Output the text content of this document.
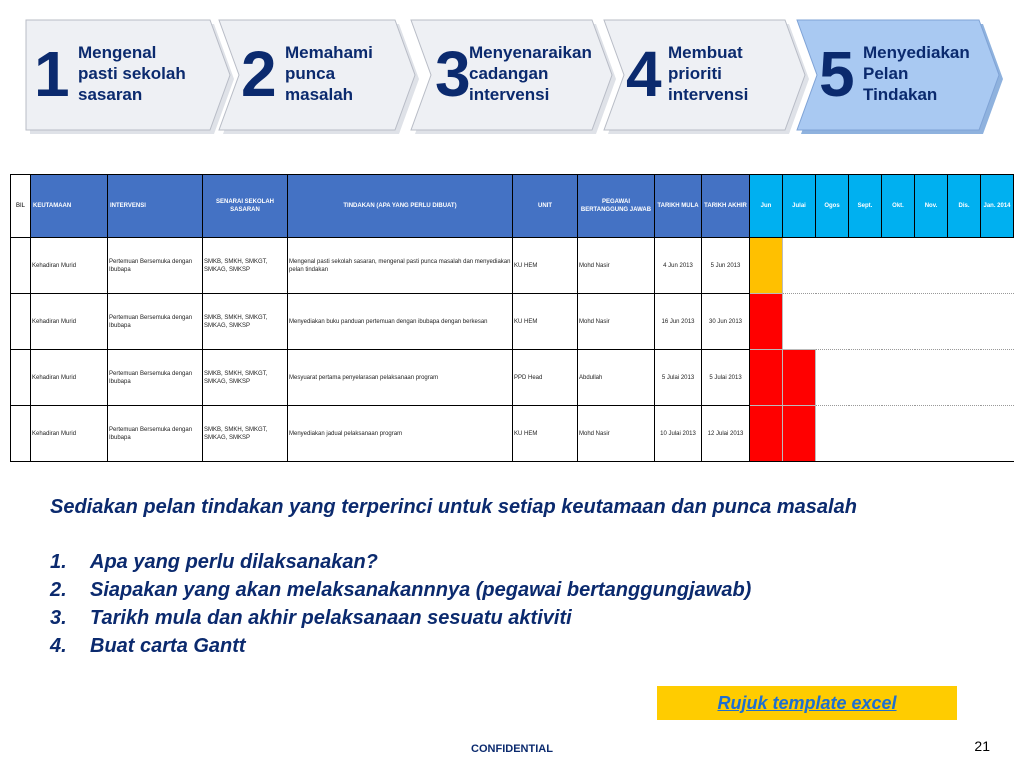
1 Mengenal
pasti sekolah
sasaran	2 Memahami
punca
masalah	3
Menyenaraikan
cadangan
intervensi	4 Membuat
prioriti
intervensi 5 Menyediakan
Pelan
Tindakan
BIL	KEUTAMAAN	INTERVENSI	SENARAI SEKOLAH SASARAN	TINDAKAN (APA YANG PERLU DIBUAT)	UNIT	PEGAWAI BERTANGGUNG JAWAB	TARIKH MULA	TARIKH AKHIR	Jun	Julai	Ogos	Sept.	Okt.	Nov.	Dis.	Jan. 2014
	Kehadiran Murid	Pertemuan Bersemuka dengan Ibubapa	SMKB, SMKH, SMKGT, SMKAG, SMKSP	Mengenal pasti sekolah sasaran, mengenal pasti punca masalah dan menyediakan pelan tindakan	KU HEM	Mohd Nasir	4 Jun 2013	5 Jun 2013								
	Kehadiran Murid	Pertemuan Bersemuka dengan Ibubapa	SMKB, SMKH, SMKGT, SMKAG, SMKSP	Menyediakan buku panduan pertemuan dengan ibubapa dengan berkesan	KU HEM	Mohd Nasir	16 Jun 2013	30 Jun 2013								
	Kehadiran Murid	Pertemuan Bersemuka dengan Ibubapa	SMKB, SMKH, SMKGT, SMKAG, SMKSP	Mesyuarat pertama penyelarasan pelaksanaan program	PPD Head	Abdullah	5 Julai 2013	5 Julai 2013								
	Kehadiran Murid	Pertemuan Bersemuka dengan Ibubapa	SMKB, SMKH, SMKGT, SMKAG, SMKSP	Menyediakan jadual pelaksanaan program	KU HEM	Mohd Nasir	10 Julai 2013	12 Julai 2013								
Sediakan pelan tindakan yang terperinci untuk setiap keutamaan dan punca masalah
1.	Apa yang perlu dilaksanakan?
2.	Siapakan yang akan melaksanakannnya (pegawai bertanggungjawab)
3.	Tarikh mula dan akhir pelaksanaan sesuatu aktiviti
4.	Buat carta Gantt
Rujuk template excel
CONFIDENTIAL	21
